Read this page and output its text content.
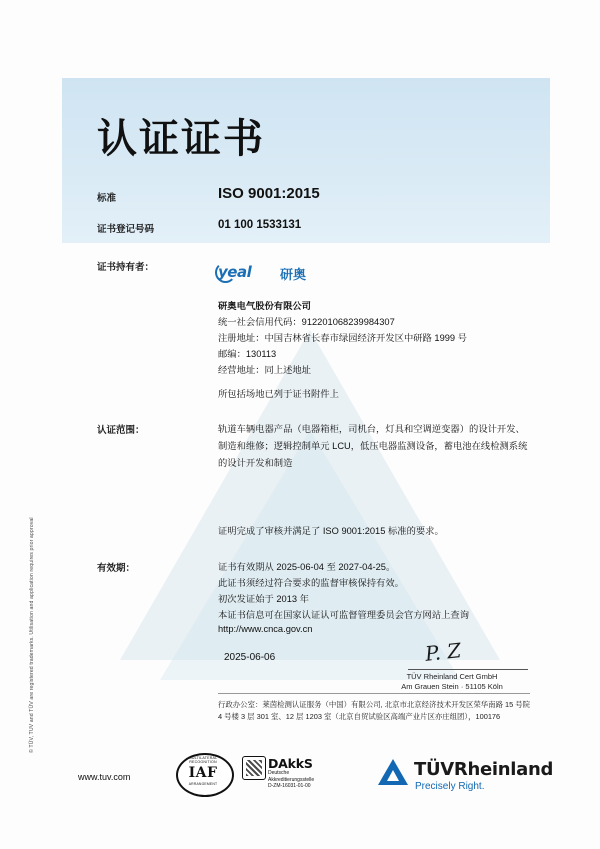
© TÜV, TUV and TÜV are registered trademarks. Utilisation and application requires prior approval
认证证书
标准	ISO 9001:2015
证书登记号码	01 100 1533131
证书持有者：	yeal 研奥
研奥电气股份有限公司
统一社会信用代码：912201068239984307
注册地址：中国吉林省长春市绿园经济开发区中研路 1999 号
邮编：130113
经营地址：同上述地址
所包括场地已列于证书附件上
认证范围：	轨道车辆电器产品（电器箱柜，司机台，灯具和空调逆变器）的设计开发、制造和维修；逻辑控制单元 LCU，低压电器监测设备，蓄电池在线检测系统的设计开发和制造
证明完成了审核并满足了 ISO 9001:2015 标准的要求。
有效期：	证书有效期从 2025-06-04 至 2027-04-25。
此证书须经过符合要求的监督审核保持有效。
初次发证始于 2013 年
本证书信息可在国家认证认可监督管理委员会官方网站上查询
http://www.cnca.gov.cn
2025-06-06	P. Z
TÜV Rheinland Cert GmbH
Am Grauen Stein · 51105 Köln
行政办公室：莱茵检测认证服务（中国）有限公司, 北京市北京经济技术开发区荣华南路 15 号院 4 号楼 3 层 301 室、12 层 1203 室（北京自贸试验区高端产业片区亦庄组团），100176
www.tuv.com
MULTILATERAL RECOGNITION
IAF
ARRANGEMENT
DAkkS
Deutsche
Akkreditierungsstelle
D-ZM-16031-01-00
TÜVRheinland
Precisely Right.
